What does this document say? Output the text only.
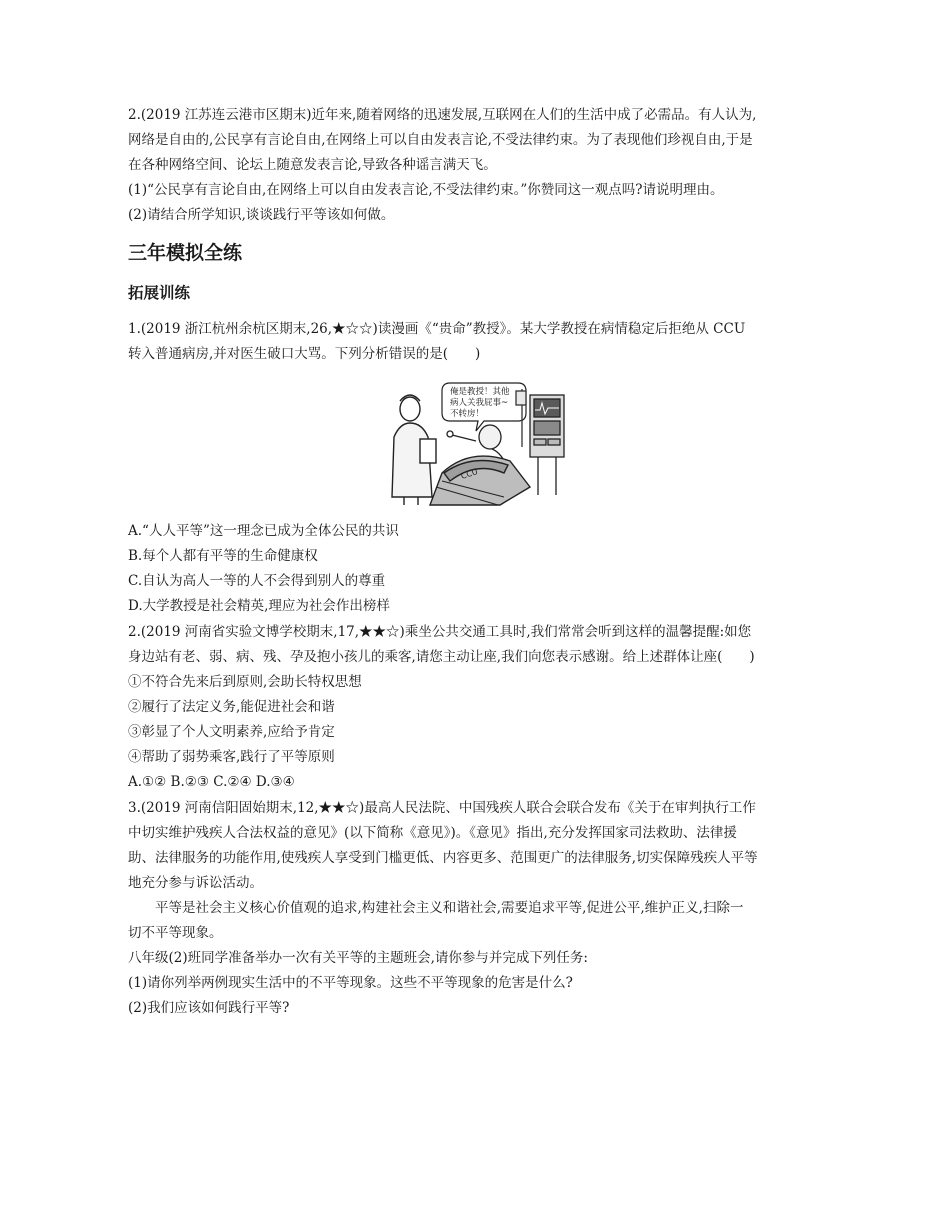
2.(2019 江苏连云港市区期末)近年来,随着网络的迅速发展,互联网在人们的生活中成了必需品。有人认为,

网络是自由的,公民享有言论自由,在网络上可以自由发表言论,不受法律约束。为了表现他们珍视自由,于是

在各种网络空间、论坛上随意发表言论,导致各种谣言满天飞。

(1)“公民享有言论自由,在网络上可以自由发表言论,不受法律约束。”你赞同这一观点吗?请说明理由。

(2)请结合所学知识,谈谈践行平等该如何做。

三年模拟全练
拓展训练

1.(2019 浙江杭州余杭区期末,26,★☆☆)读漫画《“贵命”教授》。某大学教授在病情稳定后拒绝从 CCU

转入普通病房,并对医生破口大骂。下列分析错误的是(　　)

俺是教授！其他
病人关我屁事~
不转房！
CCU

A.“人人平等”这一理念已成为全体公民的共识

B.每个人都有平等的生命健康权

C.自认为高人一等的人不会得到别人的尊重

D.大学教授是社会精英,理应为社会作出榜样

2.(2019 河南省实验文博学校期末,17,★★☆)乘坐公共交通工具时,我们常常会听到这样的温馨提醒:如您

身边站有老、弱、病、残、孕及抱小孩儿的乘客,请您主动让座,我们向您表示感谢。给上述群体让座(　　)

①不符合先来后到原则,会助长特权思想

②履行了法定义务,能促进社会和谐

③彰显了个人文明素养,应给予肯定

④帮助了弱势乘客,践行了平等原则

A.①② B.②③ C.②④ D.③④

3.(2019 河南信阳固始期末,12,★★☆)最高人民法院、中国残疾人联合会联合发布《关于在审判执行工作

中切实维护残疾人合法权益的意见》(以下简称《意见》)。《意见》指出,充分发挥国家司法救助、法律援

助、法律服务的功能作用,使残疾人享受到门槛更低、内容更多、范围更广的法律服务,切实保障残疾人平等

地充分参与诉讼活动。

平等是社会主义核心价值观的追求,构建社会主义和谐社会,需要追求平等,促进公平,维护正义,扫除一

切不平等现象。

八年级(2)班同学准备举办一次有关平等的主题班会,请你参与并完成下列任务:

(1)请你列举两例现实生活中的不平等现象。这些不平等现象的危害是什么?

(2)我们应该如何践行平等?
